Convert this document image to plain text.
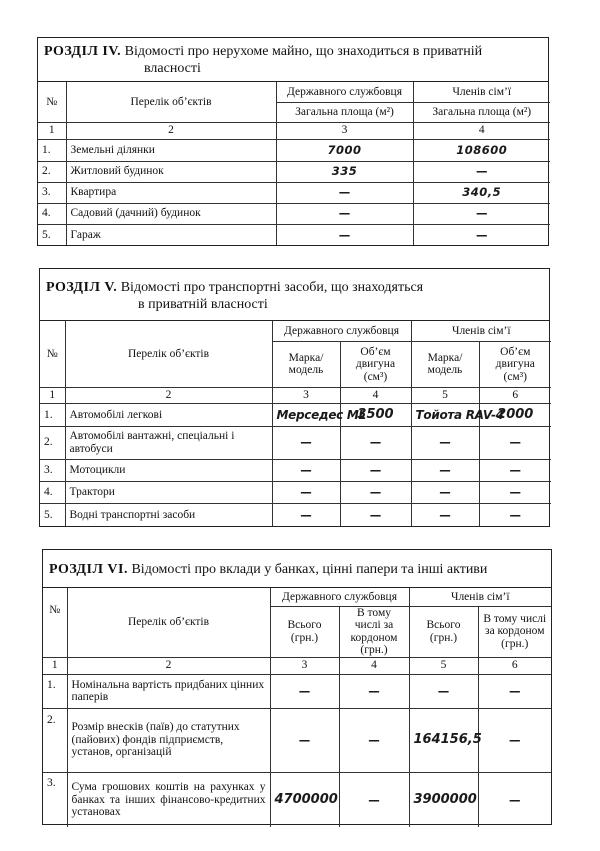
РОЗДІЛ IV. Відомості про нерухоме майно, що знаходиться в приватній
власності
№	Перелік об’єктів	Державного службовця	Членів сім’ї
		Загальна площа (м²)	Загальна площа (м²)
1	2	3	4
1.	Земельні ділянки	7000	108600
2.	Житловий будинок	335	—
3.	Квартира	—	340,5
4.	Садовий (дачний) будинок	—	—
5.	Гараж	—	—
РОЗДІЛ V. Відомості про транспортні засоби, що знаходяться
в приватній власності
№	Перелік об’єктів	Державного службовця		Членів сім’ї	
		Марка/ модель	Об’єм двигуна (см³)	Марка/ модель	Об’єм двигуна (см³)
1	2	3	4	5	6
1.	Автомобілі легкові	Мерседес ML	3500	Тойота RAV-4	2000
2.	Автомобілі вантажні, спеціальні і автобуси	—	—	—	—
3.	Мотоцикли	—	—	—	—
4.	Трактори	—	—	—	—
5.	Водні транспортні засоби	—	—	—	—
РОЗДІЛ VI. Відомості про вклади у банках, цінні папери та інші активи
№	Перелік об’єктів	Державного службовця		Членів сім’ї	
		Всього (грн.)	В тому числі за кордоном (грн.)	Всього (грн.)	В тому числі за кордоном (грн.)
1	2	3	4	5	6
1.	Номінальна вартість придбаних цінних паперів	—	—	—	—
2.	Розмір внесків (паїв) до статутних (пайових) фондів підприємств, установ, організацій	—	—	164156,5	—
3.	Сума грошових коштів на рахунках у банках та інших фінансово-кредитних установах	4700000	—	3900000	—
